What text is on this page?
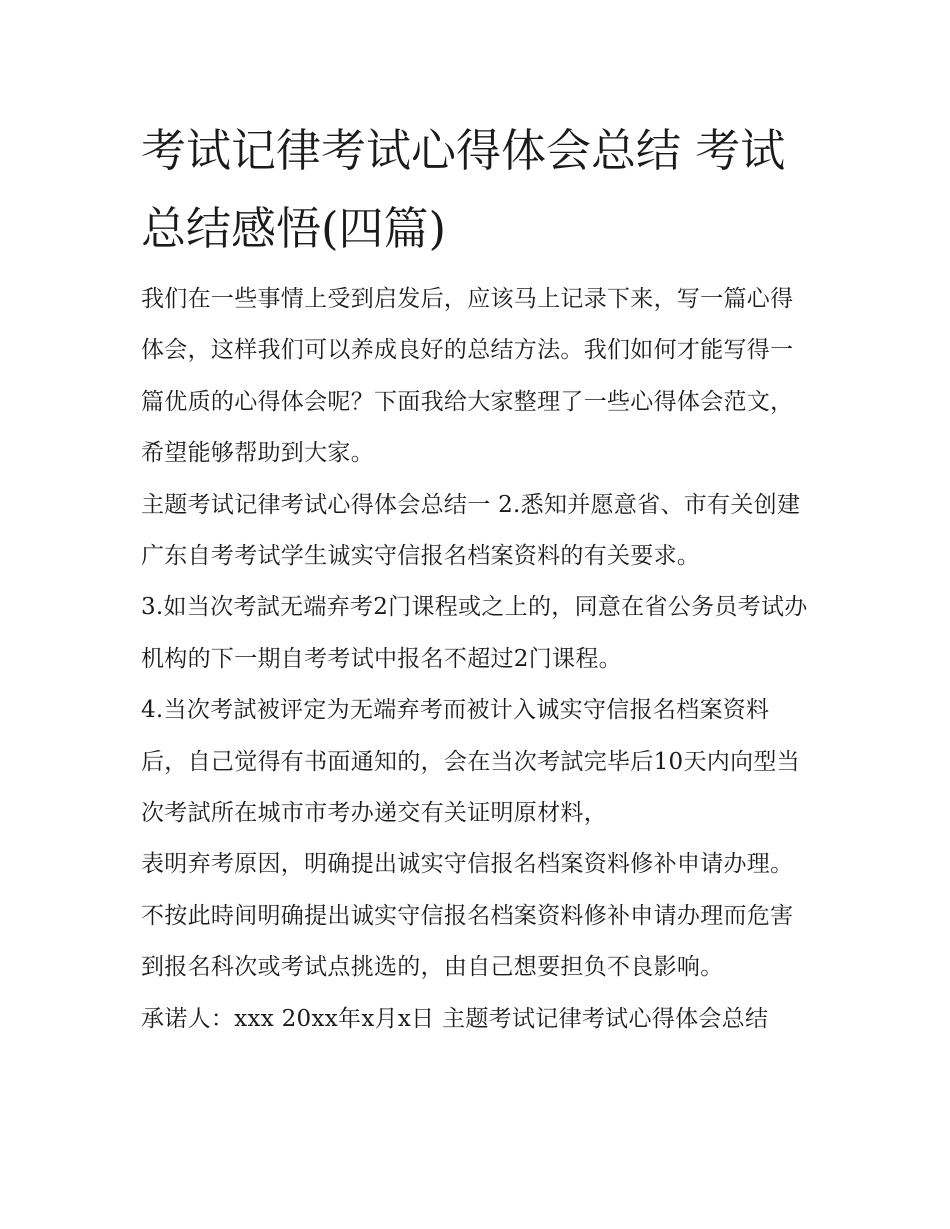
考试记律考试心得体会总结 考试总结感悟(四篇)

我们在一些事情上受到启发后，应该马上记录下来，写一篇心得体会，这样我们可以养成良好的总结方法。我们如何才能写得一篇优质的心得体会呢？下面我给大家整理了一些心得体会范文，希望能够帮助到大家。

主题考试记律考试心得体会总结一 2.悉知并愿意省、市有关创建广东自考考试学生诚实守信报名档案资料的有关要求。

3.如当次考試无端弃考2门课程或之上的，同意在省公务员考试办机构的下一期自考考试中报名不超过2门课程。

4.当次考試被评定为无端弃考而被计入诚实守信报名档案资料后，自己觉得有书面通知的，会在当次考試完毕后10天内向型当次考試所在城市市考办递交有关证明原材料，

表明弃考原因，明确提出诚实守信报名档案资料修补申请办理。不按此時间明确提出诚实守信报名档案资料修补申请办理而危害到报名科次或考试点挑选的，由自己想要担负不良影响。

承诺人：xxx 20xx年x月x日 主题考试记律考试心得体会总结
